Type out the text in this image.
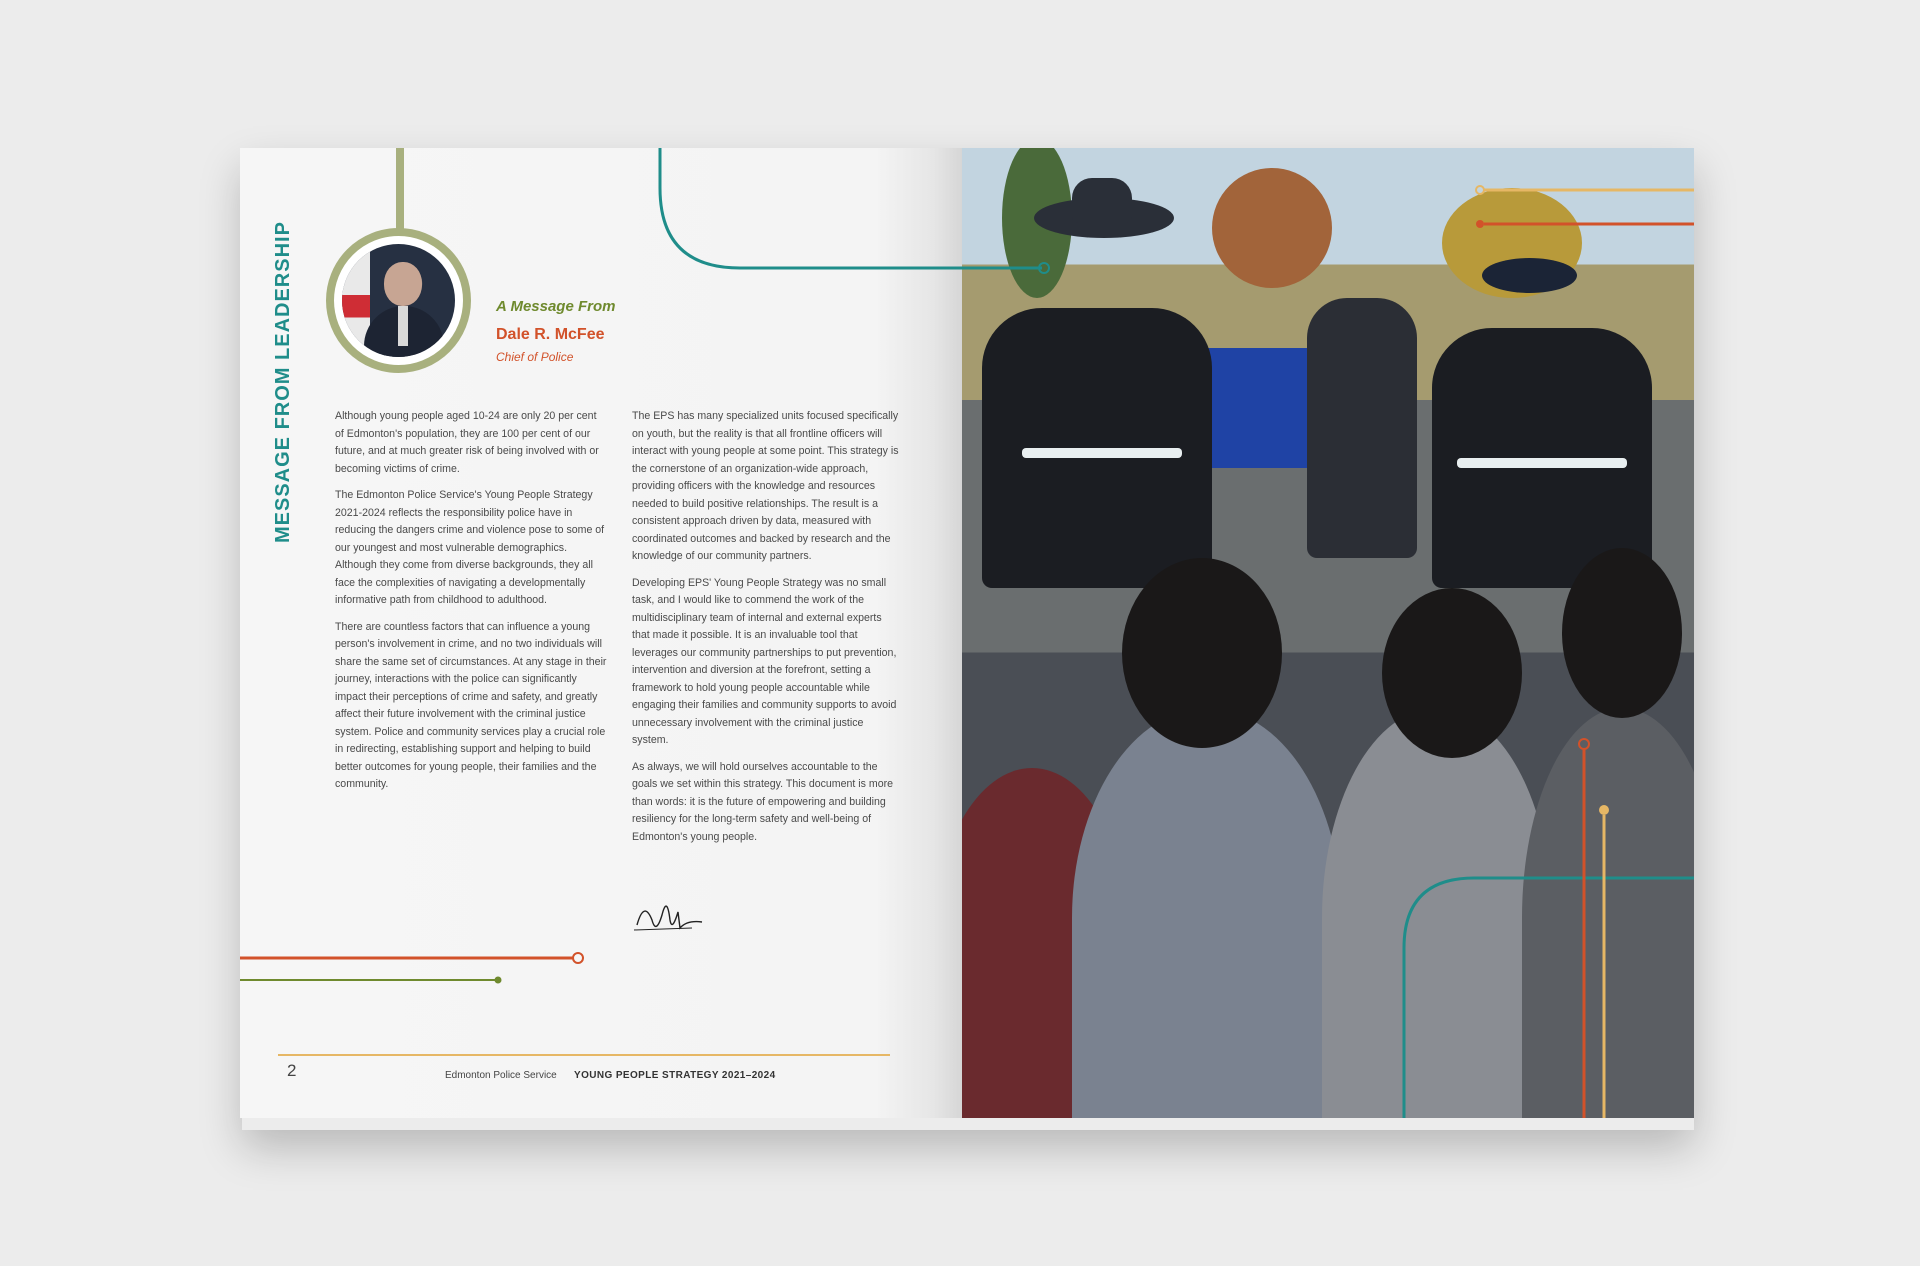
MESSAGE FROM LEADERSHIP	A Message From
Dale R. McFee
Chief of Police

Although young people aged 10-24 are only 20 per cent of Edmonton's population, they are 100 per cent of our future, and at much greater risk of being involved with or becoming victims of crime.

The Edmonton Police Service's Young People Strategy 2021-2024 reflects the responsibility police have in reducing the dangers crime and violence pose to some of our youngest and most vulnerable demographics. Although they come from diverse backgrounds, they all face the complexities of navigating a developmentally informative path from childhood to adulthood.

There are countless factors that can influence a young person's involvement in crime, and no two individuals will share the same set of circumstances. At any stage in their journey, interactions with the police can significantly impact their perceptions of crime and safety, and greatly affect their future involvement with the criminal justice system. Police and community services play a crucial role in redirecting, establishing support and helping to build better outcomes for young people, their families and the community.

The EPS has many specialized units focused specifically on youth, but the reality is that all frontline officers will interact with young people at some point. This strategy is the cornerstone of an organization-wide approach, providing officers with the knowledge and resources needed to build positive relationships. The result is a consistent approach driven by data, measured with coordinated outcomes and backed by research and the knowledge of our community partners.

Developing EPS' Young People Strategy was no small task, and I would like to commend the work of the multidisciplinary team of internal and external experts that made it possible. It is an invaluable tool that leverages our community partnerships to put prevention, intervention and diversion at the forefront, setting a framework to hold young people accountable while engaging their families and community supports to avoid unnecessary involvement with the criminal justice system.

As always, we will hold ourselves accountable to the goals we set within this strategy. This document is more than words: it is the future of empowering and building resiliency for the long-term safety and well-being of Edmonton's young people.

2	Edmonton Police Service YOUNG PEOPLE STRATEGY 2021–2024
